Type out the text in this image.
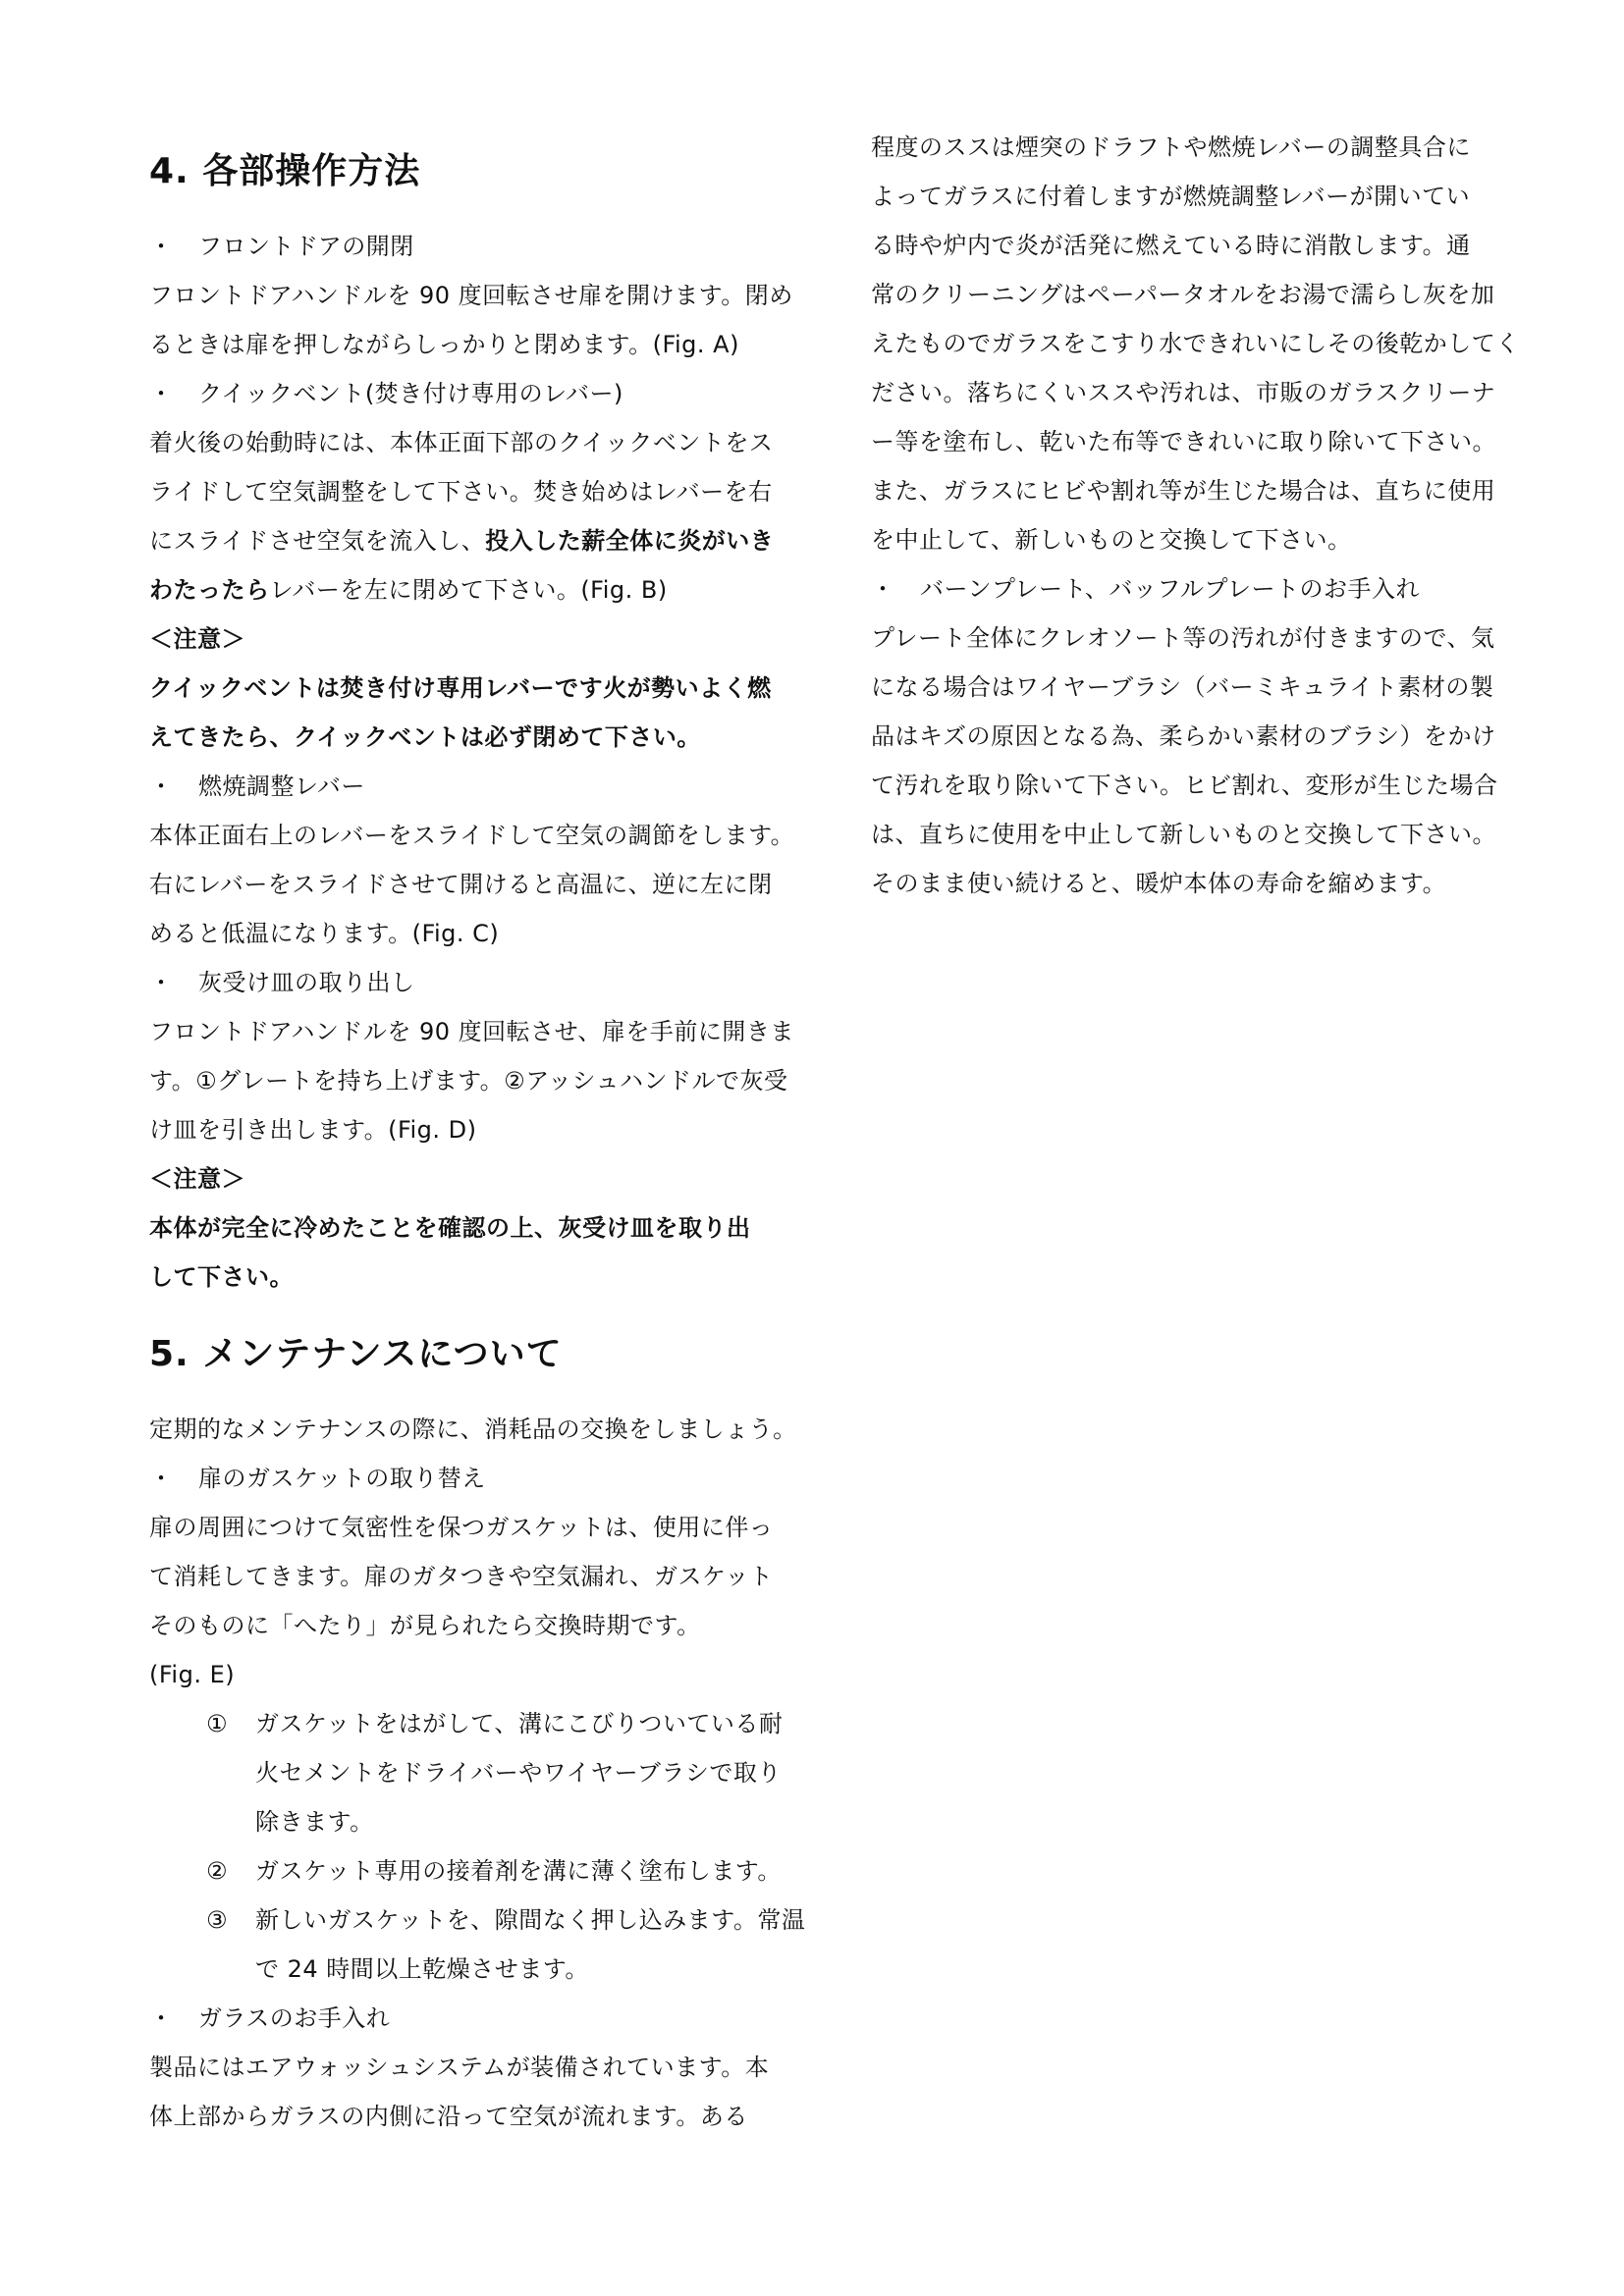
4. 各部操作方法
・ フロントドアの開閉
フロントドアハンドルを 90 度回転させ扉を開けます。閉め
るときは扉を押しながらしっかりと閉めます。(Fig. A)
・ クイックベント(焚き付け専用のレバー)
着火後の始動時には、本体正面下部のクイックベントをス
ライドして空気調整をして下さい。焚き始めはレバーを右
にスライドさせ空気を流入し、投入した薪全体に炎がいき
わたったらレバーを左に閉めて下さい。(Fig. B)
＜注意＞
クイックベントは焚き付け専用レバーです火が勢いよく燃
えてきたら、クイックベントは必ず閉めて下さい。
・ 燃焼調整レバー
本体正面右上のレバーをスライドして空気の調節をします。
右にレバーをスライドさせて開けると高温に、逆に左に閉
めると低温になります。(Fig. C)
・ 灰受け皿の取り出し
フロントドアハンドルを 90 度回転させ、扉を手前に開きま
す。①グレートを持ち上げます。②アッシュハンドルで灰受
け皿を引き出します。(Fig. D)
＜注意＞
本体が完全に冷めたことを確認の上、灰受け皿を取り出
して下さい。
5. メンテナンスについて
定期的なメンテナンスの際に、消耗品の交換をしましょう。
・ 扉のガスケットの取り替え
扉の周囲につけて気密性を保つガスケットは、使用に伴っ
て消耗してきます。扉のガタつきや空気漏れ、ガスケット
そのものに「へたり」が見られたら交換時期です。
(Fig. E)
① ガスケットをはがして、溝にこびりついている耐
火セメントをドライバーやワイヤーブラシで取り
除きます。
② ガスケット専用の接着剤を溝に薄く塗布します。
③ 新しいガスケットを、隙間なく押し込みます。常温
で 24 時間以上乾燥させます。
・ ガラスのお手入れ
製品にはエアウォッシュシステムが装備されています。本
体上部からガラスの内側に沿って空気が流れます。ある
程度のススは煙突のドラフトや燃焼レバーの調整具合に
よってガラスに付着しますが燃焼調整レバーが開いてい
る時や炉内で炎が活発に燃えている時に消散します。通
常のクリーニングはペーパータオルをお湯で濡らし灰を加
えたものでガラスをこすり水できれいにしその後乾かしてく
ださい。落ちにくいススや汚れは、市販のガラスクリーナ
ー等を塗布し、乾いた布等できれいに取り除いて下さい。
また、ガラスにヒビや割れ等が生じた場合は、直ちに使用
を中止して、新しいものと交換して下さい。
・ バーンプレート、バッフルプレートのお手入れ
プレート全体にクレオソート等の汚れが付きますので、気
になる場合はワイヤーブラシ（バーミキュライト素材の製
品はキズの原因となる為、柔らかい素材のブラシ）をかけ
て汚れを取り除いて下さい。ヒビ割れ、変形が生じた場合
は、直ちに使用を中止して新しいものと交換して下さい。
そのまま使い続けると、暖炉本体の寿命を縮めます。
